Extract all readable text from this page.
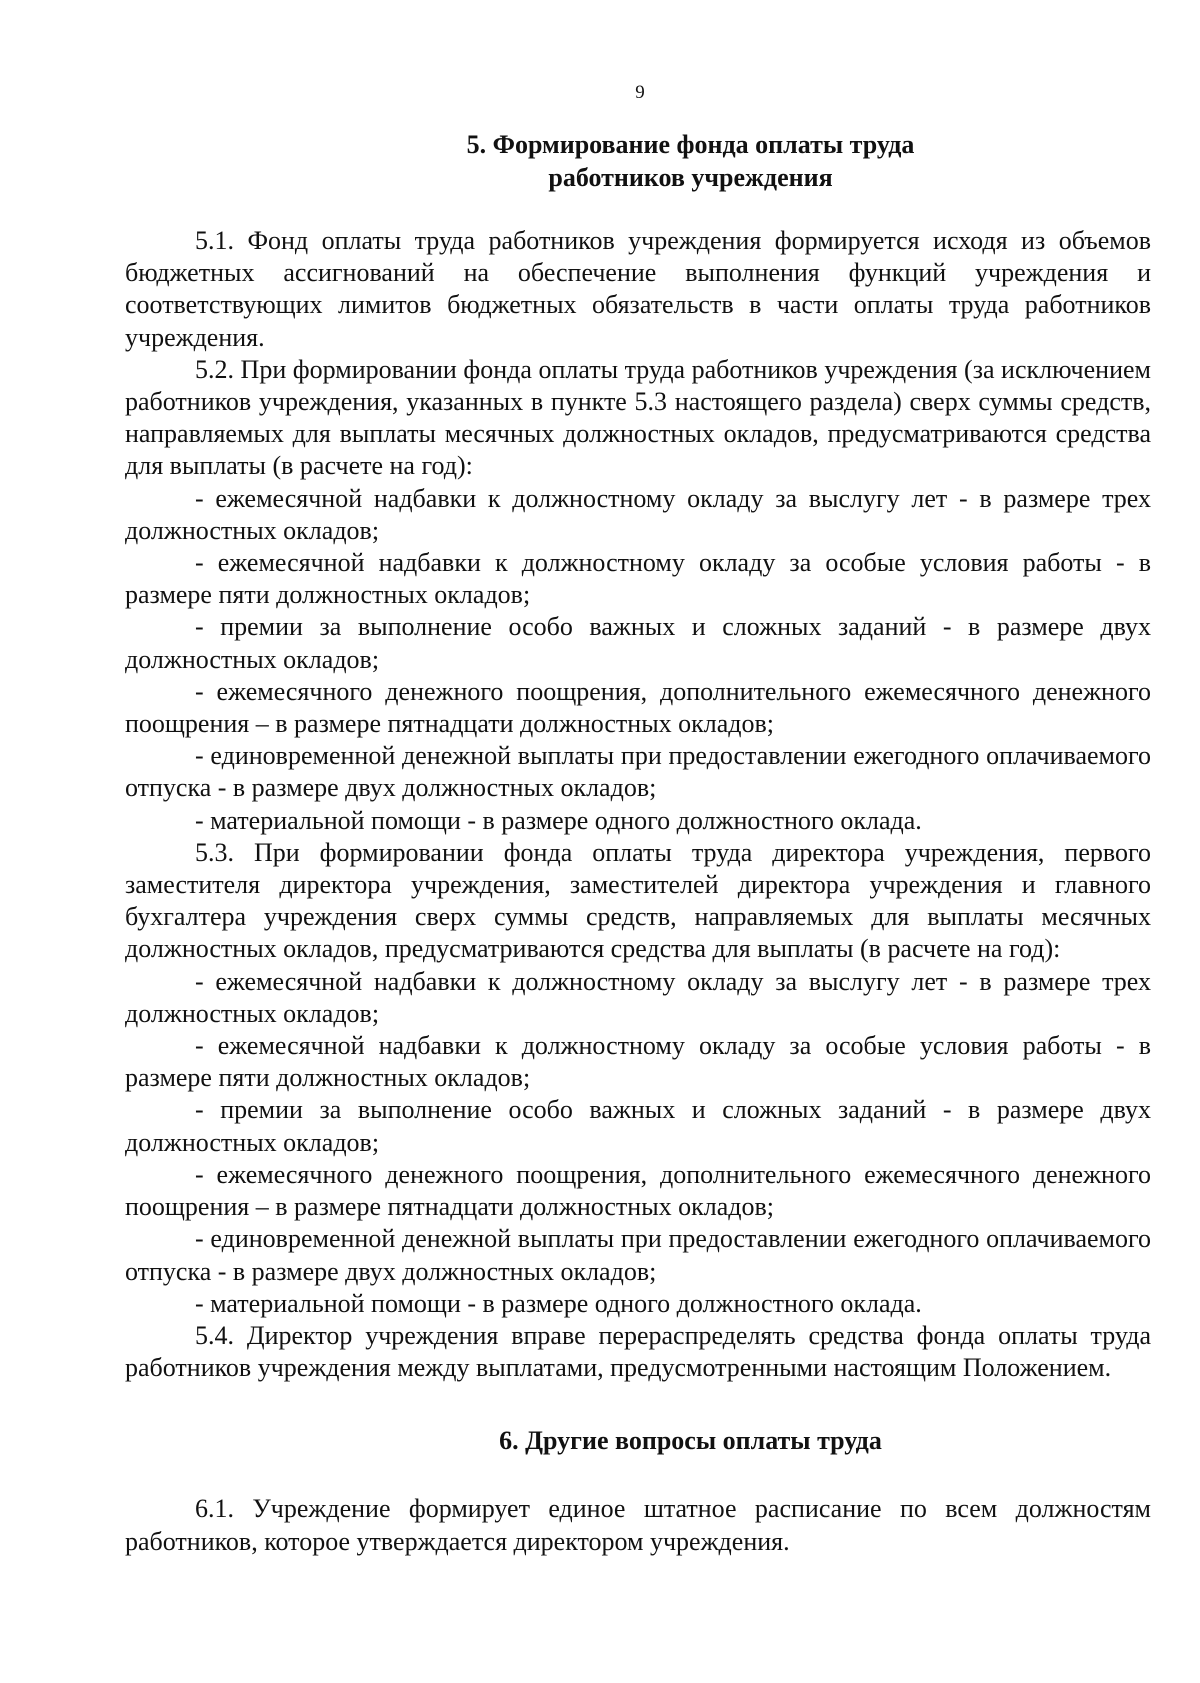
9
5. Формирование фонда оплаты труда
работников учреждения

5.1. Фонд оплаты труда работников учреждения формируется исходя из объемов бюджетных ассигнований на обеспечение выполнения функций учреждения и соответствующих лимитов бюджетных обязательств в части оплаты труда работников учреждения.

5.2. При формировании фонда оплаты труда работников учреждения (за исключением работников учреждения, указанных в пункте 5.3 настоящего раздела) сверх суммы средств, направляемых для выплаты месячных должностных окладов, предусматриваются средства для выплаты (в расчете на год):

- ежемесячной надбавки к должностному окладу за выслугу лет - в размере трех должностных окладов;

- ежемесячной надбавки к должностному окладу за особые условия работы - в размере пяти должностных окладов;

- премии за выполнение особо важных и сложных заданий - в размере двух должностных окладов;

- ежемесячного денежного поощрения, дополнительного ежемесячного денежного поощрения – в размере пятнадцати должностных окладов;

- единовременной денежной выплаты при предоставлении ежегодного оплачиваемого отпуска - в размере двух должностных окладов;

- материальной помощи - в размере одного должностного оклада.

5.3. При формировании фонда оплаты труда директора учреждения, первого заместителя директора учреждения, заместителей директора учреждения и главного бухгалтера учреждения сверх суммы средств, направляемых для выплаты месячных должностных окладов, предусматриваются средства для выплаты (в расчете на год):

- ежемесячной надбавки к должностному окладу за выслугу лет - в размере трех должностных окладов;

- ежемесячной надбавки к должностному окладу за особые условия работы - в размере пяти должностных окладов;

- премии за выполнение особо важных и сложных заданий - в размере двух должностных окладов;

- ежемесячного денежного поощрения, дополнительного ежемесячного денежного поощрения – в размере пятнадцати должностных окладов;

- единовременной денежной выплаты при предоставлении ежегодного оплачиваемого отпуска - в размере двух должностных окладов;

- материальной помощи - в размере одного должностного оклада.

5.4. Директор учреждения вправе перераспределять средства фонда оплаты труда работников учреждения между выплатами, предусмотренными настоящим Положением.

6. Другие вопросы оплаты труда

6.1. Учреждение формирует единое штатное расписание по всем должностям работников, которое утверждается директором учреждения.
